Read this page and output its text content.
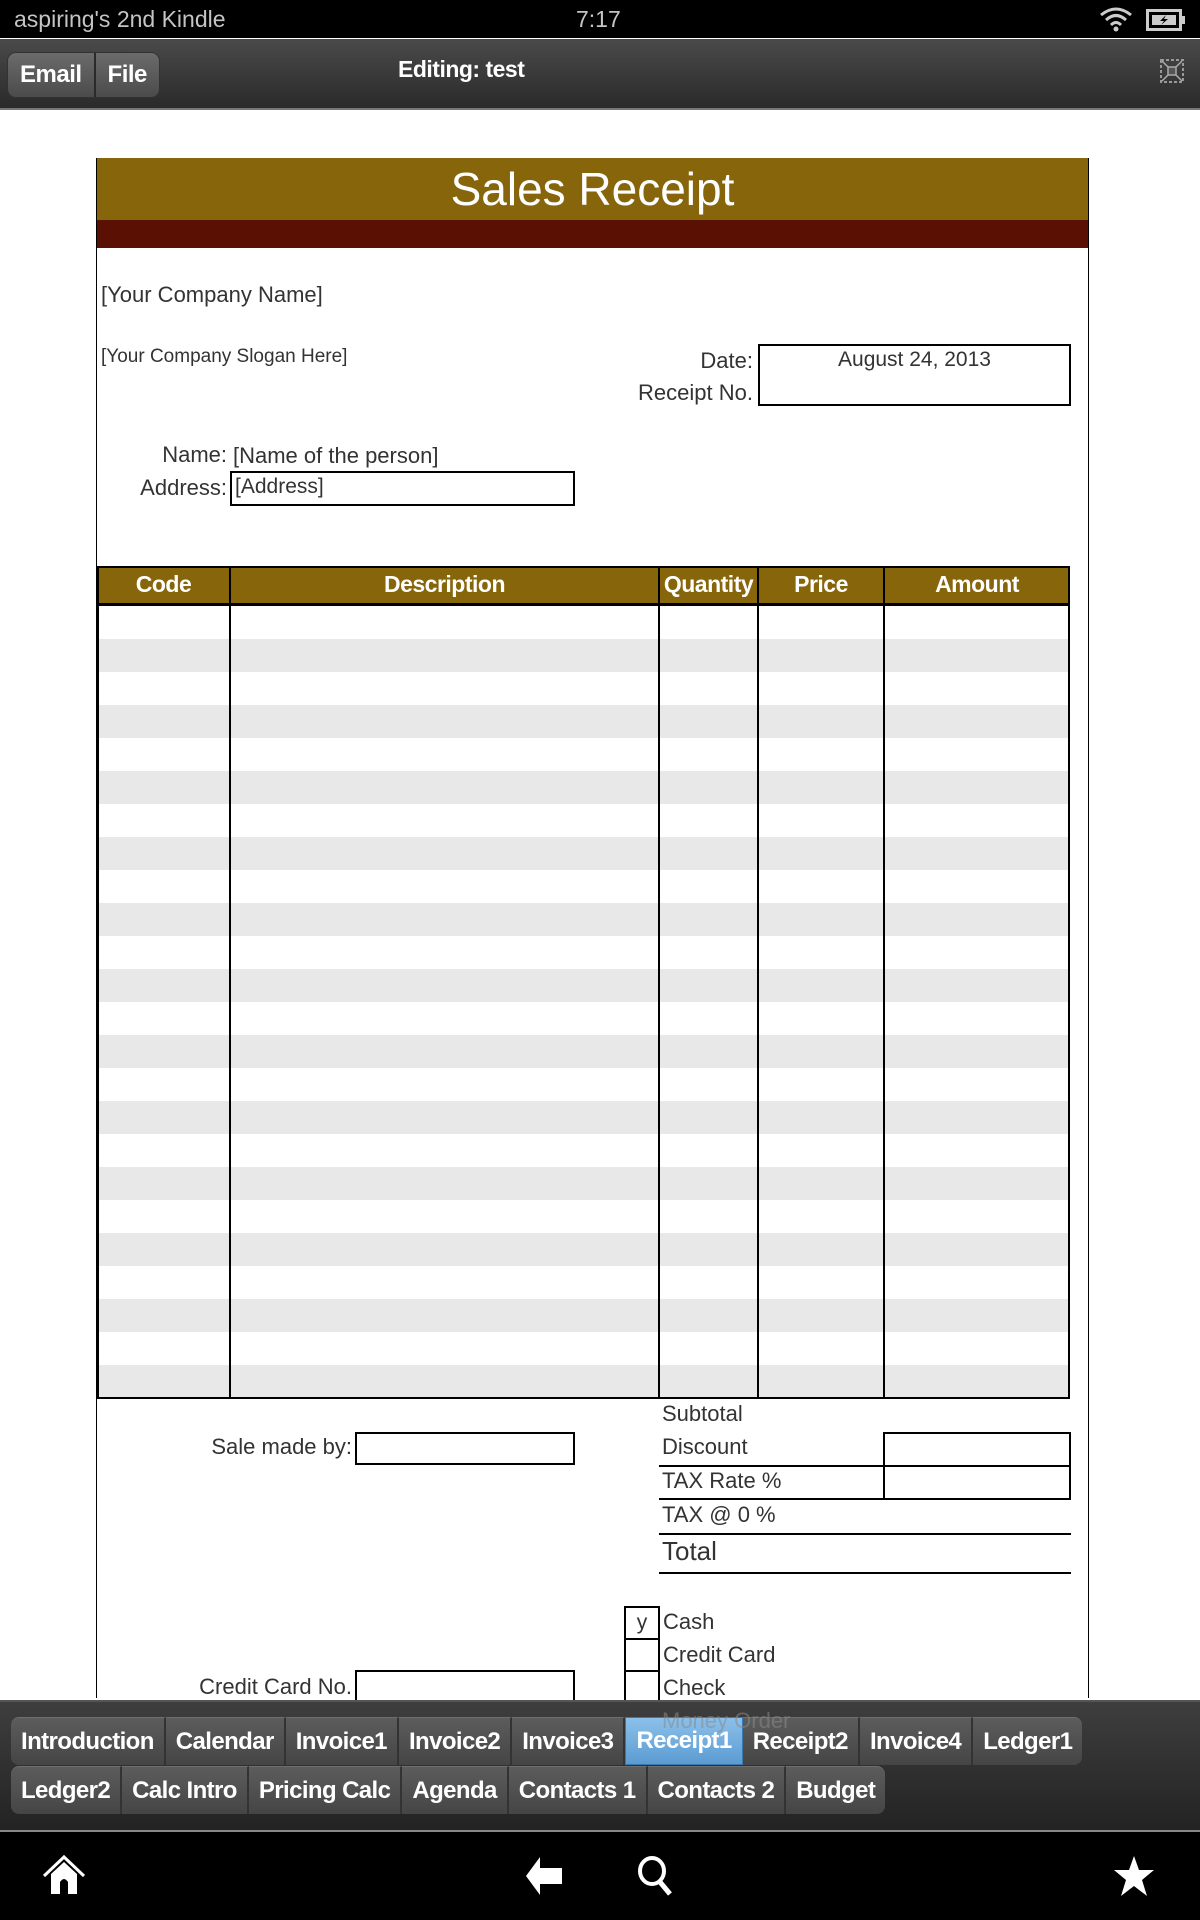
aspiring's 2nd Kindle	7:17
Email	File	Editing: test
Sales Receipt
[Your Company Name]
[Your Company Slogan Here]	Date:	August 24, 2013
Receipt No.
Name: [Name of the person]
Address: [Address]
Code	Description	Quantity	Price	Amount
Sale made by:
Subtotal
Discount
TAX Rate %
TAX @ 0 %
Total
y Cash
Credit Card
Check
Credit Card No.
Introduction Calendar Invoice1 Invoice2 Invoice3 Receipt1 Receipt2 Invoice4 Ledger1
Ledger2 Calc Intro Pricing Calc Agenda Contacts 1 Contacts 2 Budget
Money Order
